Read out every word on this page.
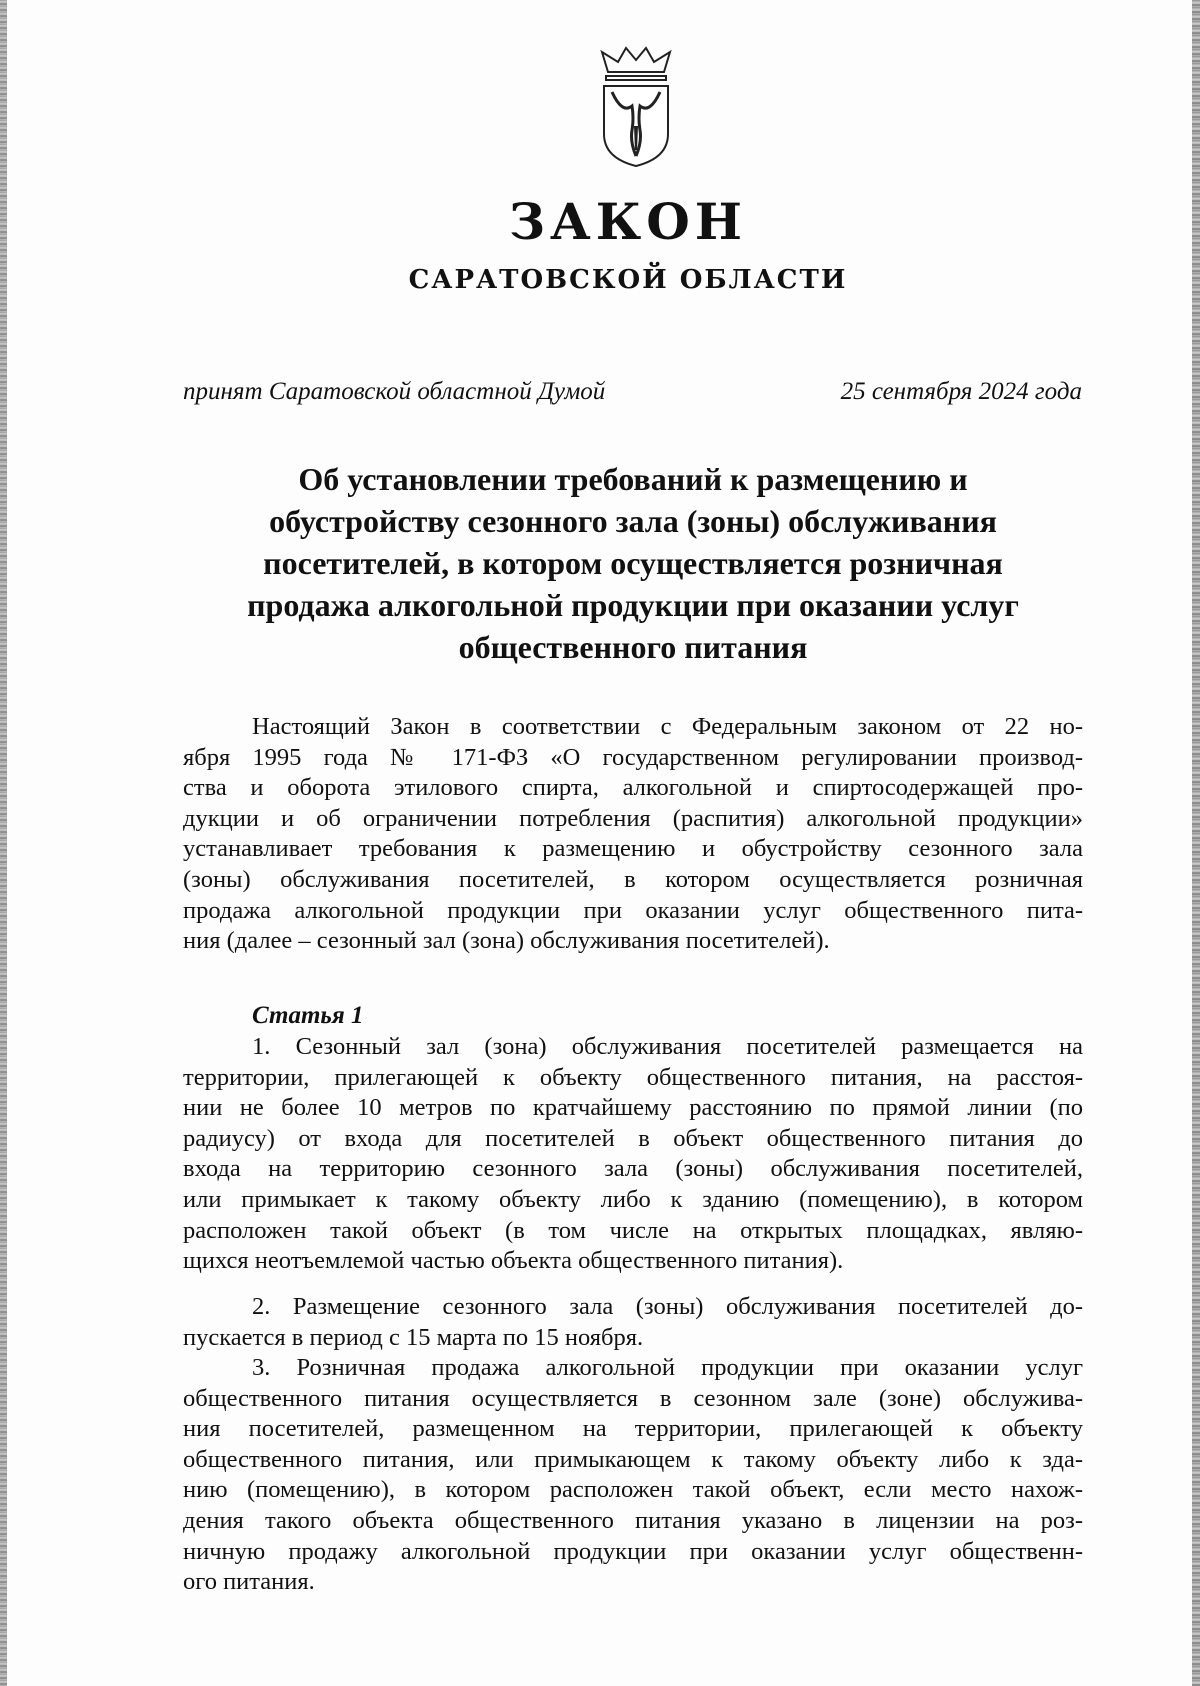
ЗАКОН
САРАТОВСКОЙ ОБЛАСТИ
принят Саратовской областной Думой	25 сентября 2024 года
Об установлении требований к размещению и
обустройству сезонного зала (зоны) обслуживания
посетителей, в котором осуществляется розничная
продажа алкогольной продукции при оказании услуг
общественного питания
Настоящий Закон в соответствии с Федеральным законом от 22 но-
ября 1995 года № 171-ФЗ «О государственном регулировании производ-
ства и оборота этилового спирта, алкогольной и спиртосодержащей про-
дукции и об ограничении потребления (распития) алкогольной продукции»
устанавливает требования к размещению и обустройству сезонного зала
(зоны) обслуживания посетителей, в котором осуществляется розничная
продажа алкогольной продукции при оказании услуг общественного пита-
ния (далее – сезонный зал (зона) обслуживания посетителей).
Статья 1
1. Сезонный зал (зона) обслуживания посетителей размещается на
территории, прилегающей к объекту общественного питания, на расстоя-
нии не более 10 метров по кратчайшему расстоянию по прямой линии (по
радиусу) от входа для посетителей в объект общественного питания до
входа на территорию сезонного зала (зоны) обслуживания посетителей,
или примыкает к такому объекту либо к зданию (помещению), в котором
расположен такой объект (в том числе на открытых площадках, являю-
щихся неотъемлемой частью объекта общественного питания).
2. Размещение сезонного зала (зоны) обслуживания посетителей до-
пускается в период с 15 марта по 15 ноября.
3. Розничная продажа алкогольной продукции при оказании услуг
общественного питания осуществляется в сезонном зале (зоне) обслужива-
ния посетителей, размещенном на территории, прилегающей к объекту
общественного питания, или примыкающем к такому объекту либо к зда-
нию (помещению), в котором расположен такой объект, если место нахож-
дения такого объекта общественного питания указано в лицензии на роз-
ничную продажу алкогольной продукции при оказании услуг общественн-
ого питания.
